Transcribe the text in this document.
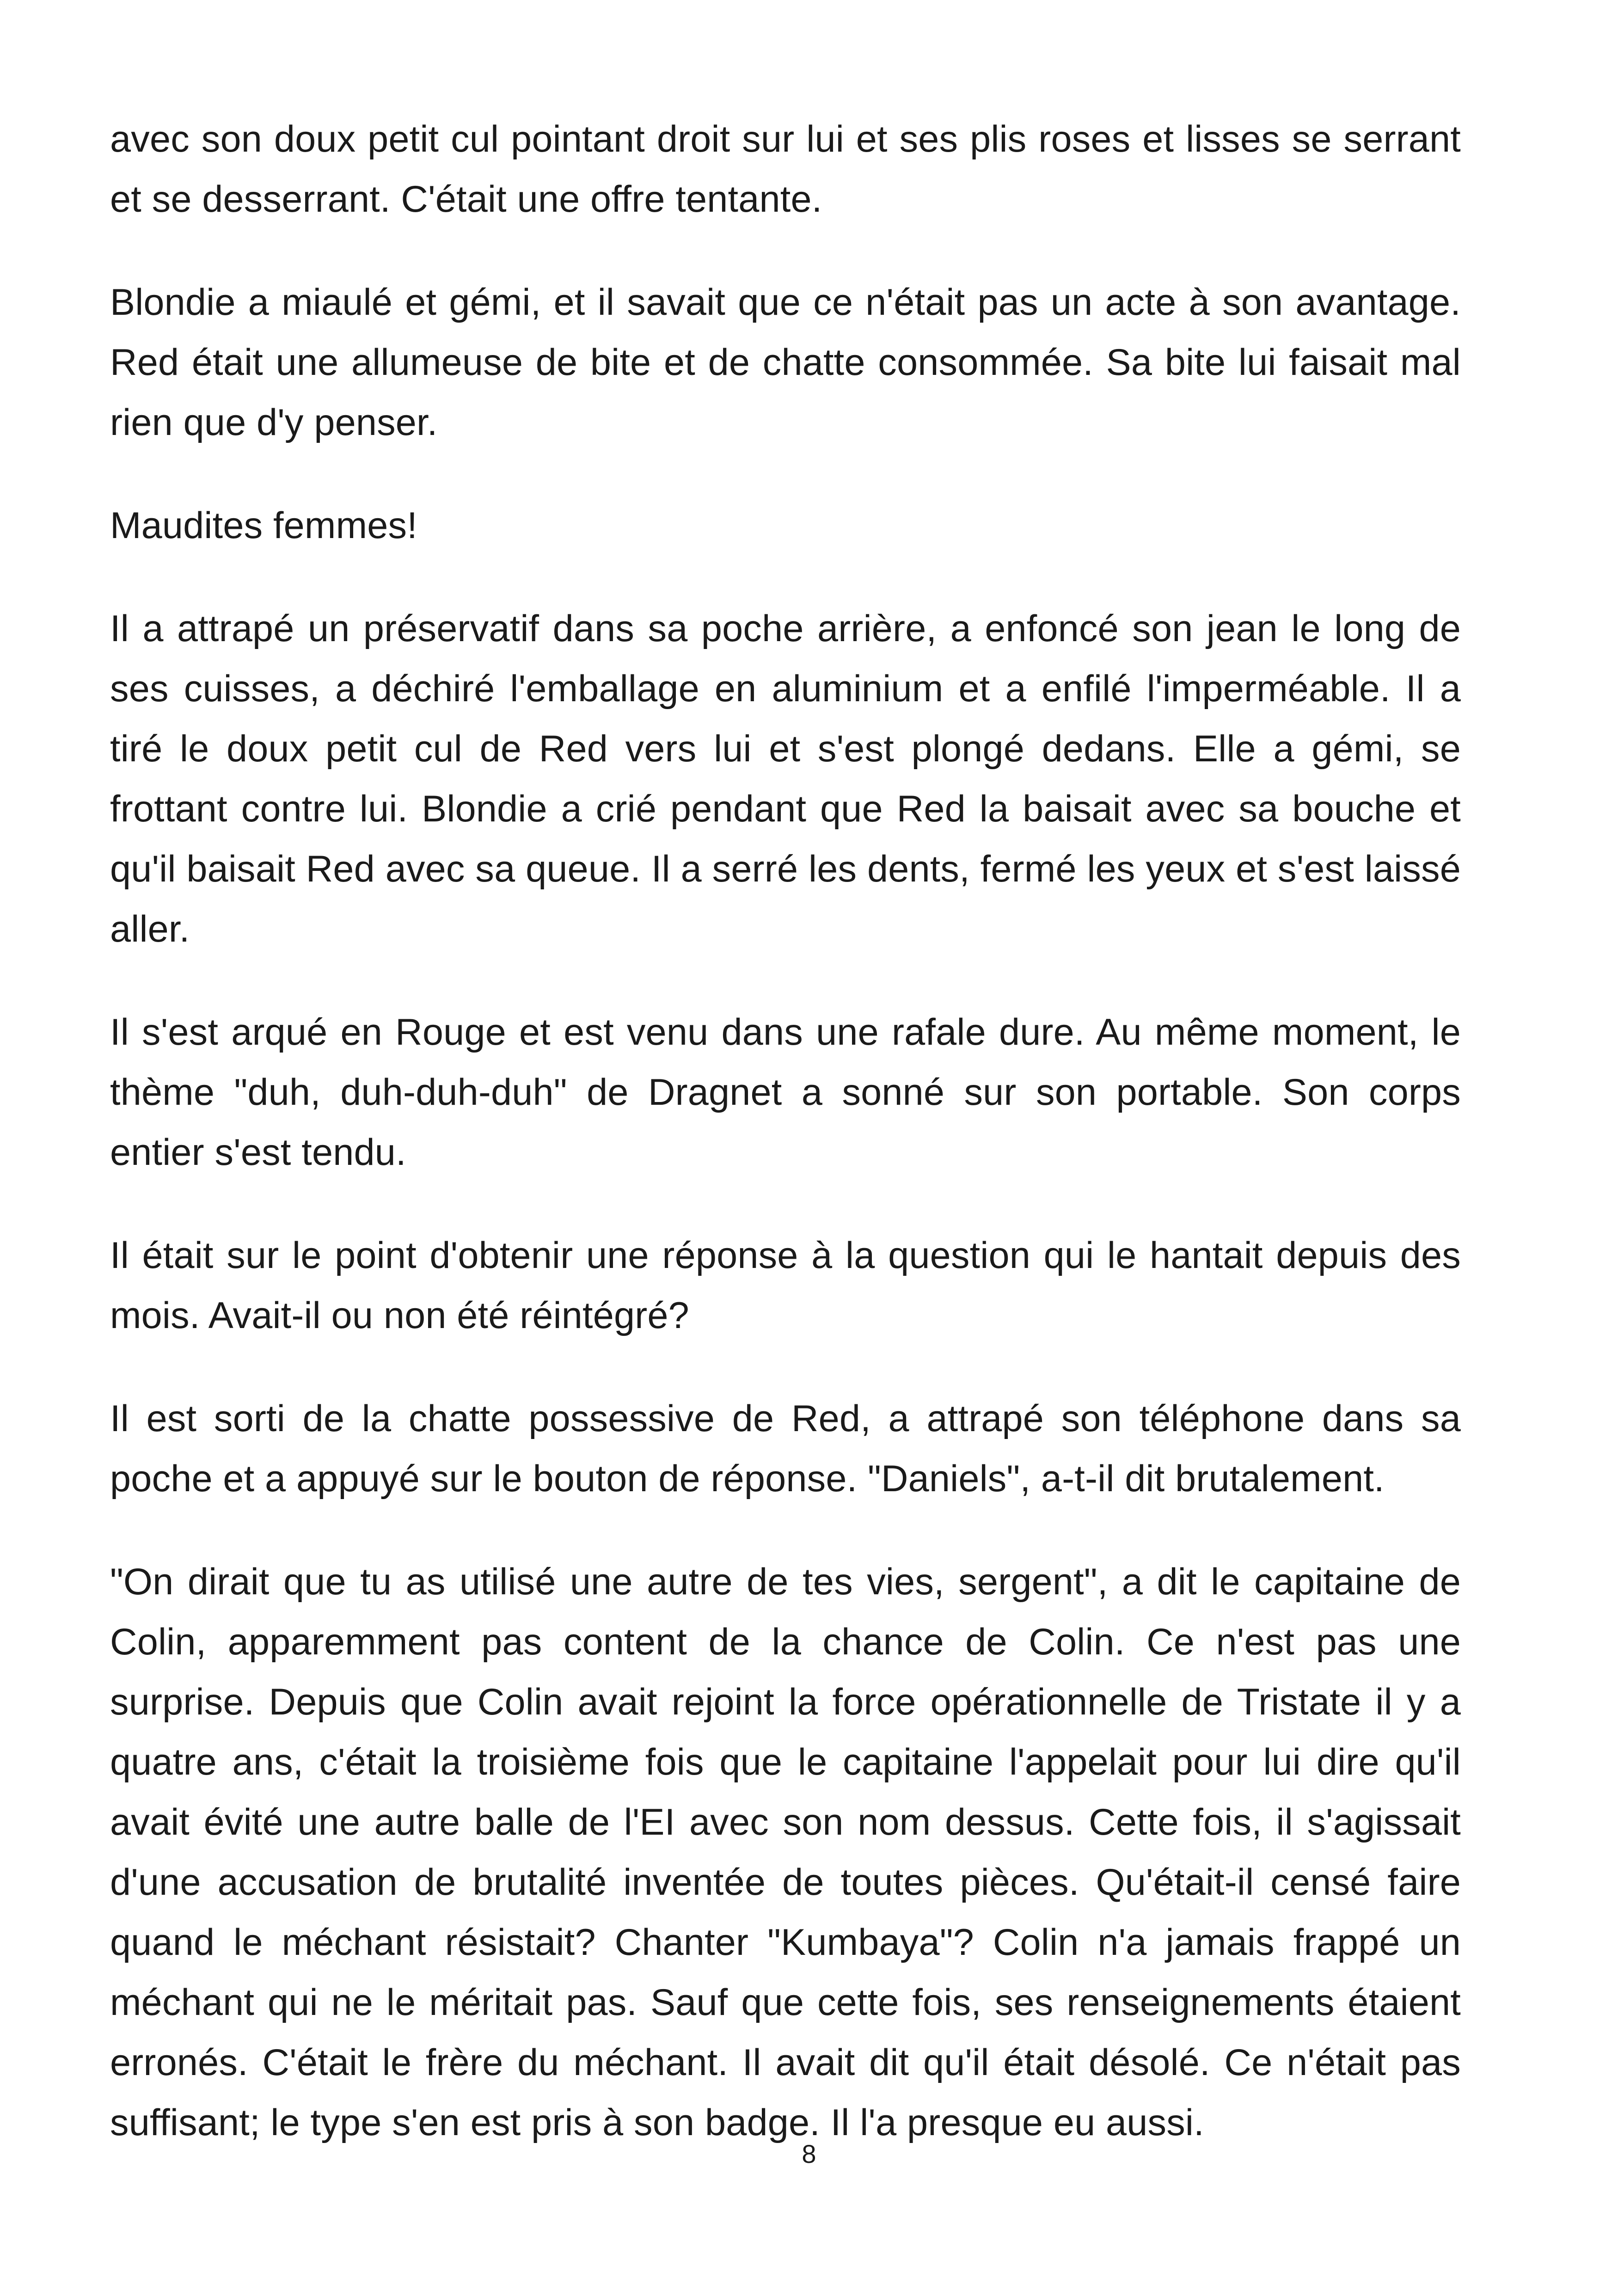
avec son doux petit cul pointant droit sur lui et ses plis roses et lisses se serrant et se desserrant. C'était une offre tentante.

Blondie a miaulé et gémi, et il savait que ce n'était pas un acte à son avantage. Red était une allumeuse de bite et de chatte consommée. Sa bite lui faisait mal rien que d'y penser.

Maudites femmes!

Il a attrapé un préservatif dans sa poche arrière, a enfoncé son jean le long de ses cuisses, a déchiré l'emballage en aluminium et a enfilé l'imperméable. Il a tiré le doux petit cul de Red vers lui et s'est plongé dedans. Elle a gémi, se frottant contre lui. Blondie a crié pendant que Red la baisait avec sa bouche et qu'il baisait Red avec sa queue. Il a serré les dents, fermé les yeux et s'est laissé aller.

Il s'est arqué en Rouge et est venu dans une rafale dure. Au même moment, le thème "duh, duh-duh-duh" de Dragnet a sonné sur son portable. Son corps entier s'est tendu.

Il était sur le point d'obtenir une réponse à la question qui le hantait depuis des mois. Avait-il ou non été réintégré?

Il est sorti de la chatte possessive de Red, a attrapé son téléphone dans sa poche et a appuyé sur le bouton de réponse. "Daniels", a-t-il dit brutalement.

"On dirait que tu as utilisé une autre de tes vies, sergent", a dit le capitaine de Colin, apparemment pas content de la chance de Colin. Ce n'est pas une surprise. Depuis que Colin avait rejoint la force opérationnelle de Tristate il y a quatre ans, c'était la troisième fois que le capitaine l'appelait pour lui dire qu'il avait évité une autre balle de l'EI avec son nom dessus. Cette fois, il s'agissait d'une accusation de brutalité inventée de toutes pièces. Qu'était-il censé faire quand le méchant résistait? Chanter "Kumbaya"? Colin n'a jamais frappé un méchant qui ne le méritait pas. Sauf que cette fois, ses renseignements étaient erronés. C'était le frère du méchant. Il avait dit qu'il était désolé. Ce n'était pas suffisant; le type s'en est pris à son badge. Il l'a presque eu aussi.

8
